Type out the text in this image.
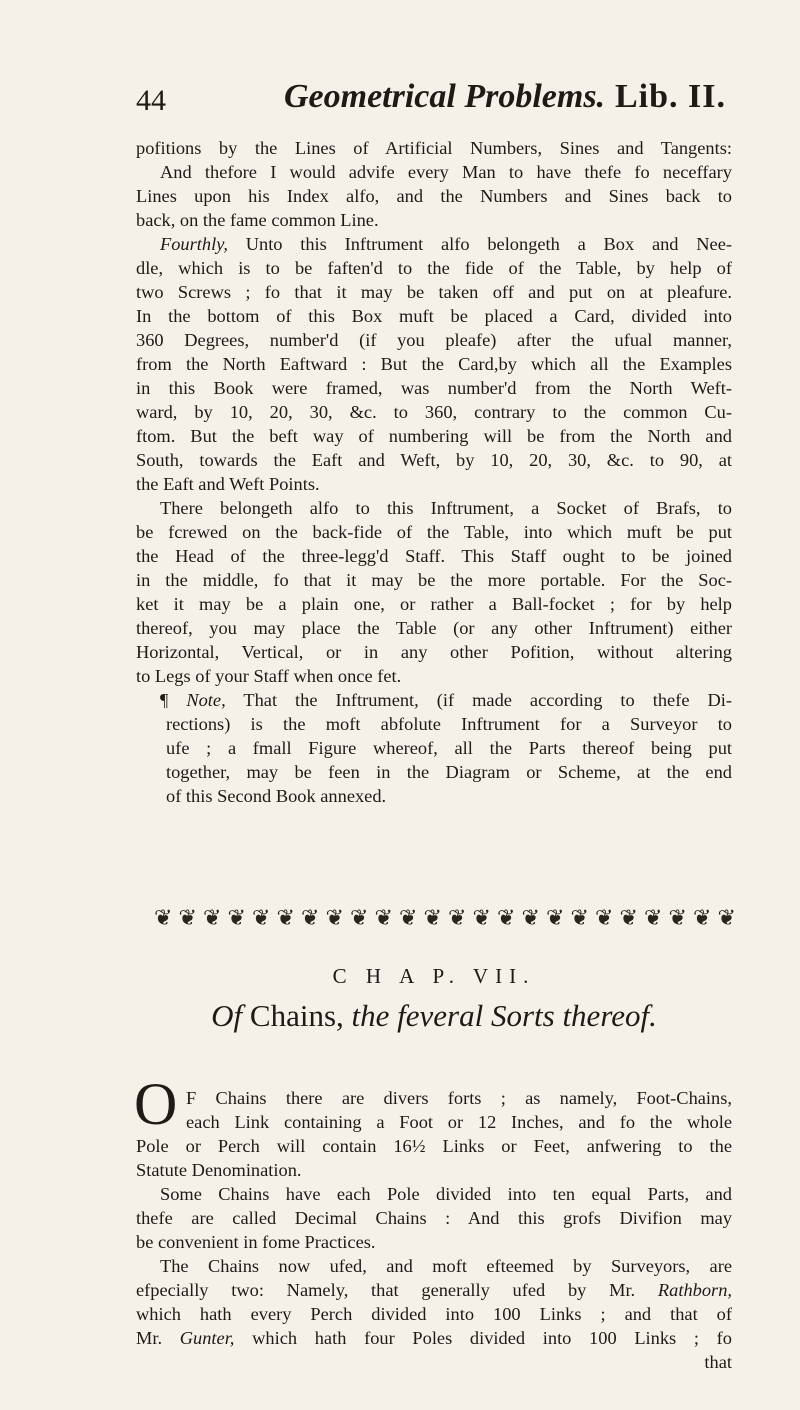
44	Geometrical Problems. Lib. II.
pofitions by the Lines of Artificial Numbers, Sines and Tangents:
And thefore I would advife every Man to have thefe fo neceffary
Lines upon his Index alfo, and the Numbers and Sines back to
back, on the fame common Line.
Fourthly, Unto this Inftrument alfo belongeth a Box and Nee-
dle, which is to be faften'd to the fide of the Table, by help of
two Screws ; fo that it may be taken off and put on at pleafure.
In the bottom of this Box muft be placed a Card, divided into
360 Degrees, number'd (if you pleafe) after the ufual manner,
from the North Eaftward : But the Card,by which all the Examples
in this Book were framed, was number'd from the North Weft-
ward, by 10, 20, 30, &c. to 360, contrary to the common Cu-
ftom. But the beft way of numbering will be from the North and
South, towards the Eaft and Weft, by 10, 20, 30, &c. to 90, at
the Eaft and Weft Points.
There belongeth alfo to this Inftrument, a Socket of Brafs, to
be fcrewed on the back-fide of the Table, into which muft be put
the Head of the three-legg'd Staff. This Staff ought to be joined
in the middle, fo that it may be the more portable. For the Soc-
ket it may be a plain one, or rather a Ball-focket ; for by help
thereof, you may place the Table (or any other Inftrument) either
Horizontal, Vertical, or in any other Pofition, without altering
to Legs of your Staff when once fet.
¶ Note, That the Inftrument, (if made according to thefe Di-
rections) is the moft abfolute Inftrument for a Surveyor to
ufe ; a fmall Figure whereof, all the Parts thereof being put
together, may be feen in the Diagram or Scheme, at the end
of this Second Book annexed.
❦ ❦ ❦ ❦ ❦ ❦ ❦ ❦ ❦ ❦ ❦ ❦ ❦ ❦ ❦ ❦ ❦ ❦ ❦ ❦ ❦ ❦ ❦ ❦
C H A P. VII.
Of Chains, the feveral Sorts thereof.
O F Chains there are divers forts ; as namely, Foot-Chains,
each Link containing a Foot or 12 Inches, and fo the whole
Pole or Perch will contain 16½ Links or Feet, anfwering to the
Statute Denomination.
Some Chains have each Pole divided into ten equal Parts, and
thefe are called Decimal Chains : And this grofs Divifion may
be convenient in fome Practices.
The Chains now ufed, and moft efteemed by Surveyors, are
efpecially two: Namely, that generally ufed by Mr. Rathborn,
which hath every Perch divided into 100 Links ; and that of
Mr. Gunter, which hath four Poles divided into 100 Links ; fo
that
